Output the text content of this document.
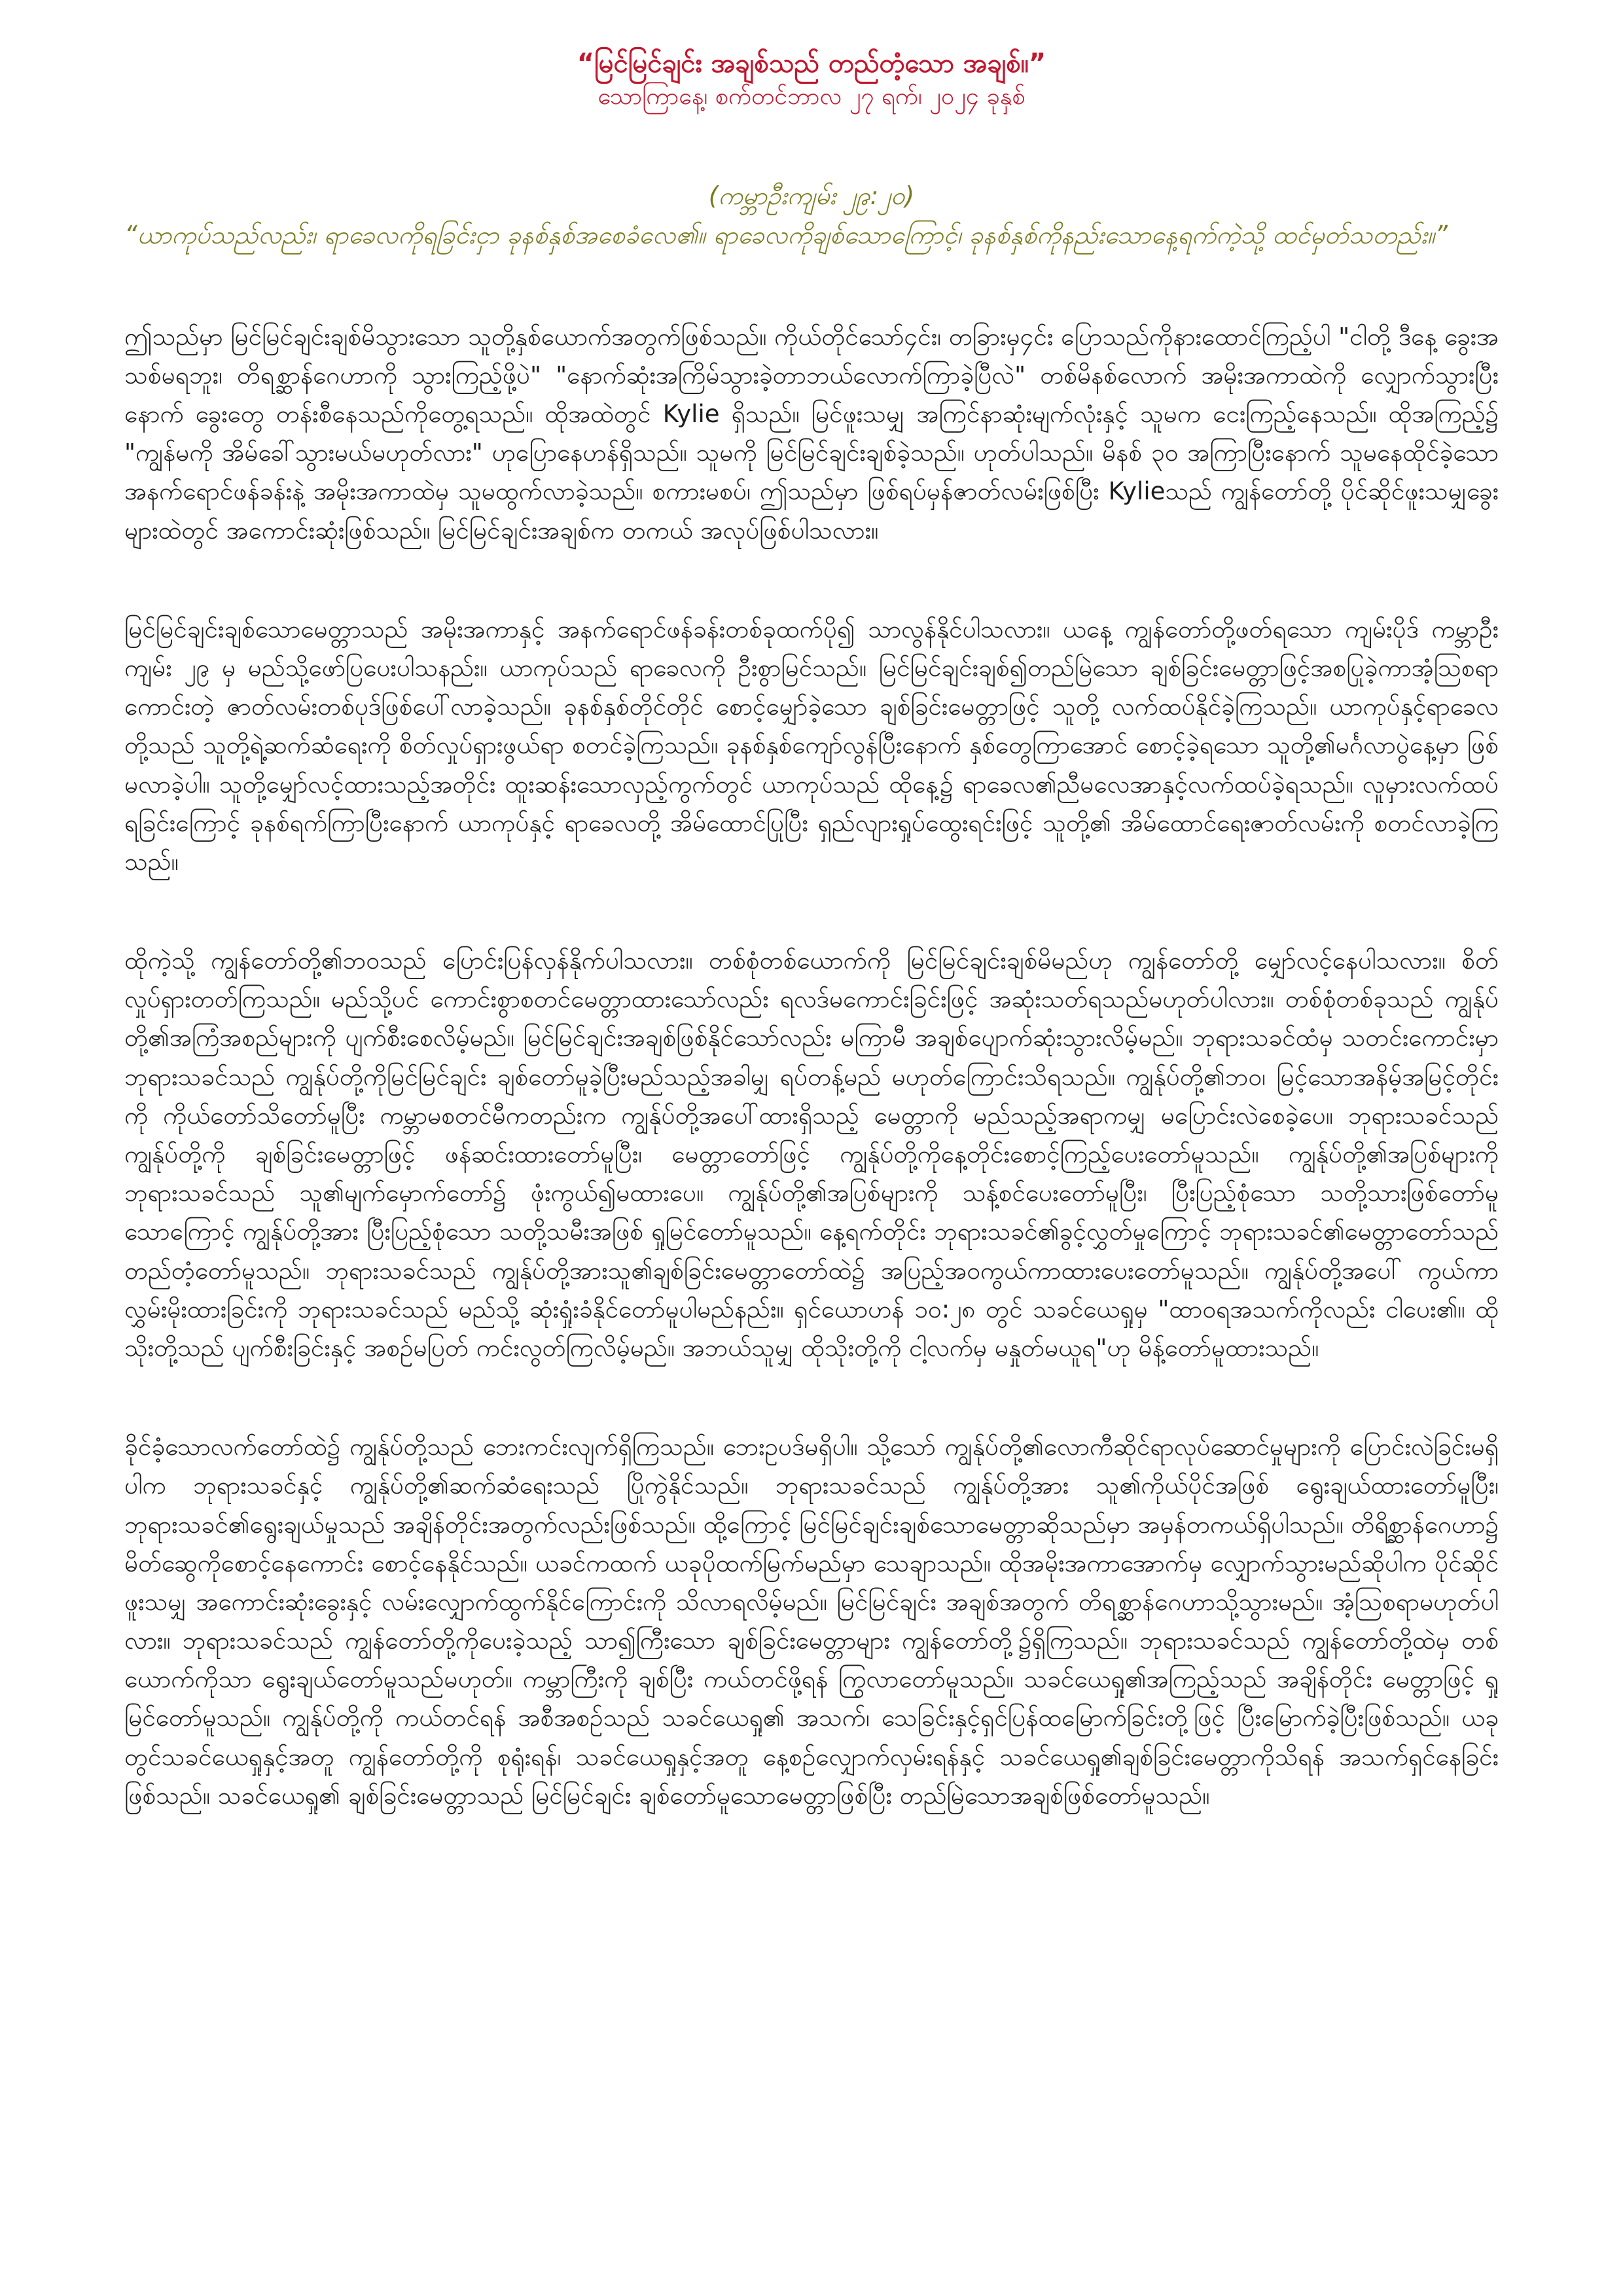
“မြင်မြင်ချင်း အချစ်သည် တည်တံ့သော အချစ်။”

သောကြာနေ့၊ စက်တင်ဘာလ ၂၇ ရက်၊ ၂၀၂၄ ခုနှစ်

(ကမ္ဘာဦးကျမ်း ၂၉:၂၀)

“ယာကုပ်သည်လည်း၊ ရာခေလကိုရခြင်းငှာ ခုနစ်နှစ်အစေခံလေ၏။ ရာခေလကိုချစ်သောကြောင့်၊ ခုနစ်နှစ်ကိုနည်းသောနေ့ရက်ကဲ့သို့ ထင်မှတ်သတည်း။”

ဤသည်မှာ မြင်မြင်ချင်းချစ်မိသွားသော သူတို့နှစ်ယောက်အတွက်ဖြစ်သည်။ ကိုယ်တိုင်သော်၄င်း၊ တခြားမှ၄င်း ပြောသည်ကိုနားထောင်ကြည့်ပါ "ငါတို့ ဒီနေ့ ခွေးအသစ်မရဘူး၊ တိရစ္ဆာန်ဂေဟာကို သွားကြည့်ဖို့ပဲ" "နောက်ဆုံးအကြိမ်သွားခဲ့တာဘယ်လောက်ကြာခဲ့ပြီလဲ" တစ်မိနစ်လောက် အမိုးအကာထဲကို လျှောက်သွားပြီးနောက် ခွေးတွေ တန်းစီနေသည်ကိုတွေ့ရသည်။ ထိုအထဲတွင် Kylie ရှိသည်။ မြင်ဖူးသမျှ အကြင်နာဆုံးမျက်လုံးနှင့် သူမက ငေးကြည့်နေသည်။ ထိုအကြည့်၌ "ကျွန်မကို အိမ်ခေါ်သွားမယ်မဟုတ်လား" ဟုပြောနေဟန်ရှိသည်။ သူမကို မြင်မြင်ချင်းချစ်ခဲ့သည်။ ဟုတ်ပါသည်။ မိနစ် ၃၀ အကြာပြီးနောက် သူမနေထိုင်ခဲ့သော အနက်ရောင်ဖန်ခန်းနဲ့ အမိုးအကာထဲမှ သူမထွက်လာခဲ့သည်။ စကားမစပ်၊ ဤသည်မှာ ဖြစ်ရပ်မှန်ဇာတ်လမ်းဖြစ်ပြီး Kylieသည် ကျွန်တော်တို့ ပိုင်ဆိုင်ဖူးသမျှခွေးများထဲတွင် အကောင်းဆုံးဖြစ်သည်။ မြင်မြင်ချင်းအချစ်က တကယ် အလုပ်ဖြစ်ပါသလား။

မြင်မြင်ချင်းချစ်သောမေတ္တာသည် အမိုးအကာနှင့် အနက်ရောင်ဖန်ခန်းတစ်ခုထက်ပို၍ သာလွန်နိုင်ပါသလား။ ယနေ့ ကျွန်တော်တို့ဖတ်ရသော ကျမ်းပိုဒ် ကမ္ဘာဦးကျမ်း ၂၉ မှ မည်သို့ဖော်ပြပေးပါသနည်း။ ယာကုပ်သည် ရာခေလကို ဦးစွာမြင်သည်။ မြင်မြင်ချင်းချစ်၍တည်မြဲသော ချစ်ခြင်းမေတ္တာဖြင့်အစပြုခဲ့ကာအံ့ဩစရာကောင်းတဲ့ ဇာတ်လမ်းတစ်ပုဒ်ဖြစ်ပေါ်လာခဲ့သည်။ ခုနစ်နှစ်တိုင်တိုင် စောင့်မျှော်ခဲ့သော ချစ်ခြင်းမေတ္တာဖြင့် သူတို့ လက်ထပ်နိုင်ခဲ့ကြသည်။ ယာကုပ်နှင့်ရာခေလတို့သည် သူတို့ရဲ့ဆက်ဆံရေးကို စိတ်လှုပ်ရှားဖွယ်ရာ စတင်ခဲ့ကြသည်။ ခုနစ်နှစ်ကျော်လွန်ပြီးနောက် နှစ်တွေကြာအောင် စောင့်ခဲ့ရသော သူတို့၏မင်္ဂလာပွဲနေ့မှာ ဖြစ်မလာခဲ့ပါ။ သူတို့မျှော်လင့်ထားသည့်အတိုင်း ထူးဆန်းသောလှည့်ကွက်တွင် ယာကုပ်သည် ထိုနေ့၌ ရာခေလ၏ညီမလေအာနှင့်လက်ထပ်ခဲ့ရသည်။ လူမှားလက်ထပ်ရခြင်းကြောင့် ခုနစ်ရက်ကြာပြီးနောက် ယာကုပ်နှင့် ရာခေလတို့ အိမ်ထောင်ပြုပြီး ရှည်လျားရှုပ်ထွေးရင်းဖြင့် သူတို့၏ အိမ်ထောင်ရေးဇာတ်လမ်းကို စတင်လာခဲ့ကြသည်။

ထိုကဲ့သို့ ကျွန်တော်တို့၏ဘဝသည် ပြောင်းပြန်လှန်နိုက်ပါသလား။ တစ်စုံတစ်ယောက်ကို မြင်မြင်ချင်းချစ်မိမည်ဟု ကျွန်တော်တို့ မျှော်လင့်နေပါသလား။ စိတ်လှုပ်ရှားတတ်ကြသည်။ မည်သို့ပင် ကောင်းစွာစတင်မေတ္တာထားသော်လည်း ရလဒ်မကောင်းခြင်းဖြင့် အဆုံးသတ်ရသည်မဟုတ်ပါလား။ တစ်စုံတစ်ခုသည် ကျွန်ုပ်တို့၏အကြံအစည်များကို ပျက်စီးစေလိမ့်မည်။ မြင်မြင်ချင်းအချစ်ဖြစ်နိုင်သော်လည်း မကြာမီ အချစ်ပျောက်ဆုံးသွားလိမ့်မည်။ ဘုရားသခင်ထံမှ သတင်းကောင်းမှာ ဘုရားသခင်သည် ကျွန်ုပ်တို့ကိုမြင်မြင်ချင်း ချစ်တော်မူခဲ့ပြီးမည်သည့်အခါမျှ ရပ်တန့်မည် မဟုတ်ကြောင်းသိရသည်။ ကျွန်ုပ်တို့၏ဘဝ၊ မြင့်သောအနိမ့်အမြင့်တိုင်းကို ကိုယ်တော်သိတော်မူပြီး ကမ္ဘာမစတင်မီကတည်းက ကျွန်ုပ်တို့အပေါ်ထားရှိသည့် မေတ္တာကို မည်သည့်အရာကမျှ မပြောင်းလဲစေခဲ့ပေ။ ဘုရားသခင်သည်ကျွန်ုပ်တို့ကို ချစ်ခြင်းမေတ္တာဖြင့် ဖန်ဆင်းထားတော်မူပြီး၊ မေတ္တာတော်ဖြင့် ကျွန်ုပ်တို့ကိုနေ့တိုင်းစောင့်ကြည့်ပေးတော်မူသည်။ ကျွန်ုပ်တို့၏အပြစ်များကို ဘုရားသခင်သည် သူ၏မျက်မှောက်တော်၌ ဖုံးကွယ်၍မထားပေ။ ကျွန်ုပ်တို့၏အပြစ်များကို သန့်စင်ပေးတော်မူပြီး၊ ပြီးပြည့်စုံသော သတို့သားဖြစ်တော်မူသောကြောင့် ကျွန်ုပ်တို့အား ပြီးပြည့်စုံသော သတို့သမီးအဖြစ် ရှုမြင်တော်မူသည်။ နေ့ရက်တိုင်း ဘုရားသခင်၏ခွင့်လွှတ်မှုကြောင့် ဘုရားသခင်၏မေတ္တာတော်သည် တည်တံ့တော်မူသည်။ ဘုရားသခင်သည် ကျွန်ုပ်တို့အားသူ၏ချစ်ခြင်းမေတ္တာတော်ထဲ၌ အပြည့်အဝကွယ်ကာထားပေးတော်မူသည်။ ကျွန်ုပ်တို့အပေါ် ကွယ်ကာလွှမ်းမိုးထားခြင်းကို ဘုရားသခင်သည် မည်သို့ ဆုံးရှုံးခံနိုင်တော်မူပါမည်နည်း။ ရှင်ယောဟန် ၁၀:၂၈ တွင် သခင်ယေရှုမှ "ထာဝရအသက်ကိုလည်း ငါပေး၏။ ထိုသိုးတို့သည် ပျက်စီးခြင်းနှင့် အစဉ်မပြတ် ကင်းလွတ်ကြလိမ့်မည်။ အဘယ်သူမျှ ထိုသိုးတို့ကို ငါ့လက်မှ မနှုတ်မယူရ"ဟု မိန့်တော်မူထားသည်။

ခိုင်ခံ့သောလက်တော်ထဲ၌ ကျွန်ုပ်တို့သည် ဘေးကင်းလျက်ရှိကြသည်။ ဘေးဥပဒ်မရှိပါ။ သို့သော် ကျွန်ုပ်တို့၏လောကီဆိုင်ရာလုပ်ဆောင်မှုများကို ပြောင်းလဲခြင်းမရှိပါက ဘုရားသခင်နှင့် ကျွန်ုပ်တို့၏ဆက်ဆံရေးသည် ပြိုကွဲနိုင်သည်။ ဘုရားသခင်သည် ကျွန်ုပ်တို့အား သူ၏ကိုယ်ပိုင်အဖြစ် ရွေးချယ်ထားတော်မူပြီး၊ ဘုရားသခင်၏ရွေးချယ်မှုသည် အချိန်တိုင်းအတွက်လည်းဖြစ်သည်။ ထို့ကြောင့် မြင်မြင်ချင်းချစ်သောမေတ္တာဆိုသည်မှာ အမှန်တကယ်ရှိပါသည်။ တိရိစ္ဆာန်ဂေဟာ၌ မိတ်ဆွေကိုစောင့်နေကောင်း စောင့်နေနိုင်သည်။ ယခင်ကထက် ယခုပိုထက်မြက်မည်မှာ သေချာသည်။ ထိုအမိုးအကာအောက်မှ လျှောက်သွားမည်ဆိုပါက ပိုင်ဆိုင်ဖူးသမျှ အကောင်းဆုံးခွေးနှင့် လမ်းလျှောက်ထွက်နိုင်ကြောင်းကို သိလာရလိမ့်မည်။ မြင်မြင်ချင်း အချစ်အတွက် တိရစ္ဆာန်ဂေဟာသို့သွားမည်။ အံ့သြစရာမဟုတ်ပါလား။ ဘုရားသခင်သည် ကျွန်တော်တို့ကိုပေးခဲ့သည့် သာ၍ကြီးသော ချစ်ခြင်းမေတ္တာများ ကျွန်တော်တို့၌ရှိကြသည်။ ဘုရားသခင်သည် ကျွန်တော်တို့ထဲမှ တစ်ယောက်ကိုသာ ရွေးချယ်တော်မူသည်မဟုတ်။ ကမ္ဘာကြီးကို ချစ်ပြီး ကယ်တင်ဖို့ရန် ကြွလာတော်မူသည်။ သခင်ယေရှု၏အကြည့်သည် အချိန်တိုင်း မေတ္တာဖြင့် ရှုမြင်တော်မူသည်။ ကျွန်ုပ်တို့ကို ကယ်တင်ရန် အစီအစဉ်သည် သခင်ယေရှု၏ အသက်၊ သေခြင်းနှင့်ရှင်ပြန်ထမြောက်ခြင်းတို့ဖြင့် ပြီးမြောက်ခဲ့ပြီးဖြစ်သည်။ ယခုတွင်သခင်ယေရှုနှင့်အတူ ကျွန်တော်တို့ကို စုရုံးရန်၊ သခင်ယေရှုနှင့်အတူ နေ့စဉ်လျှောက်လှမ်းရန်နှင့် သခင်ယေရှု၏ချစ်ခြင်းမေတ္တာကိုသိရန် အသက်ရှင်နေခြင်းဖြစ်သည်။ သခင်ယေရှု၏ ချစ်ခြင်းမေတ္တာသည် မြင်မြင်ချင်း ချစ်တော်မူသောမေတ္တာဖြစ်ပြီး တည်မြဲသောအချစ်ဖြစ်တော်မူသည်။
